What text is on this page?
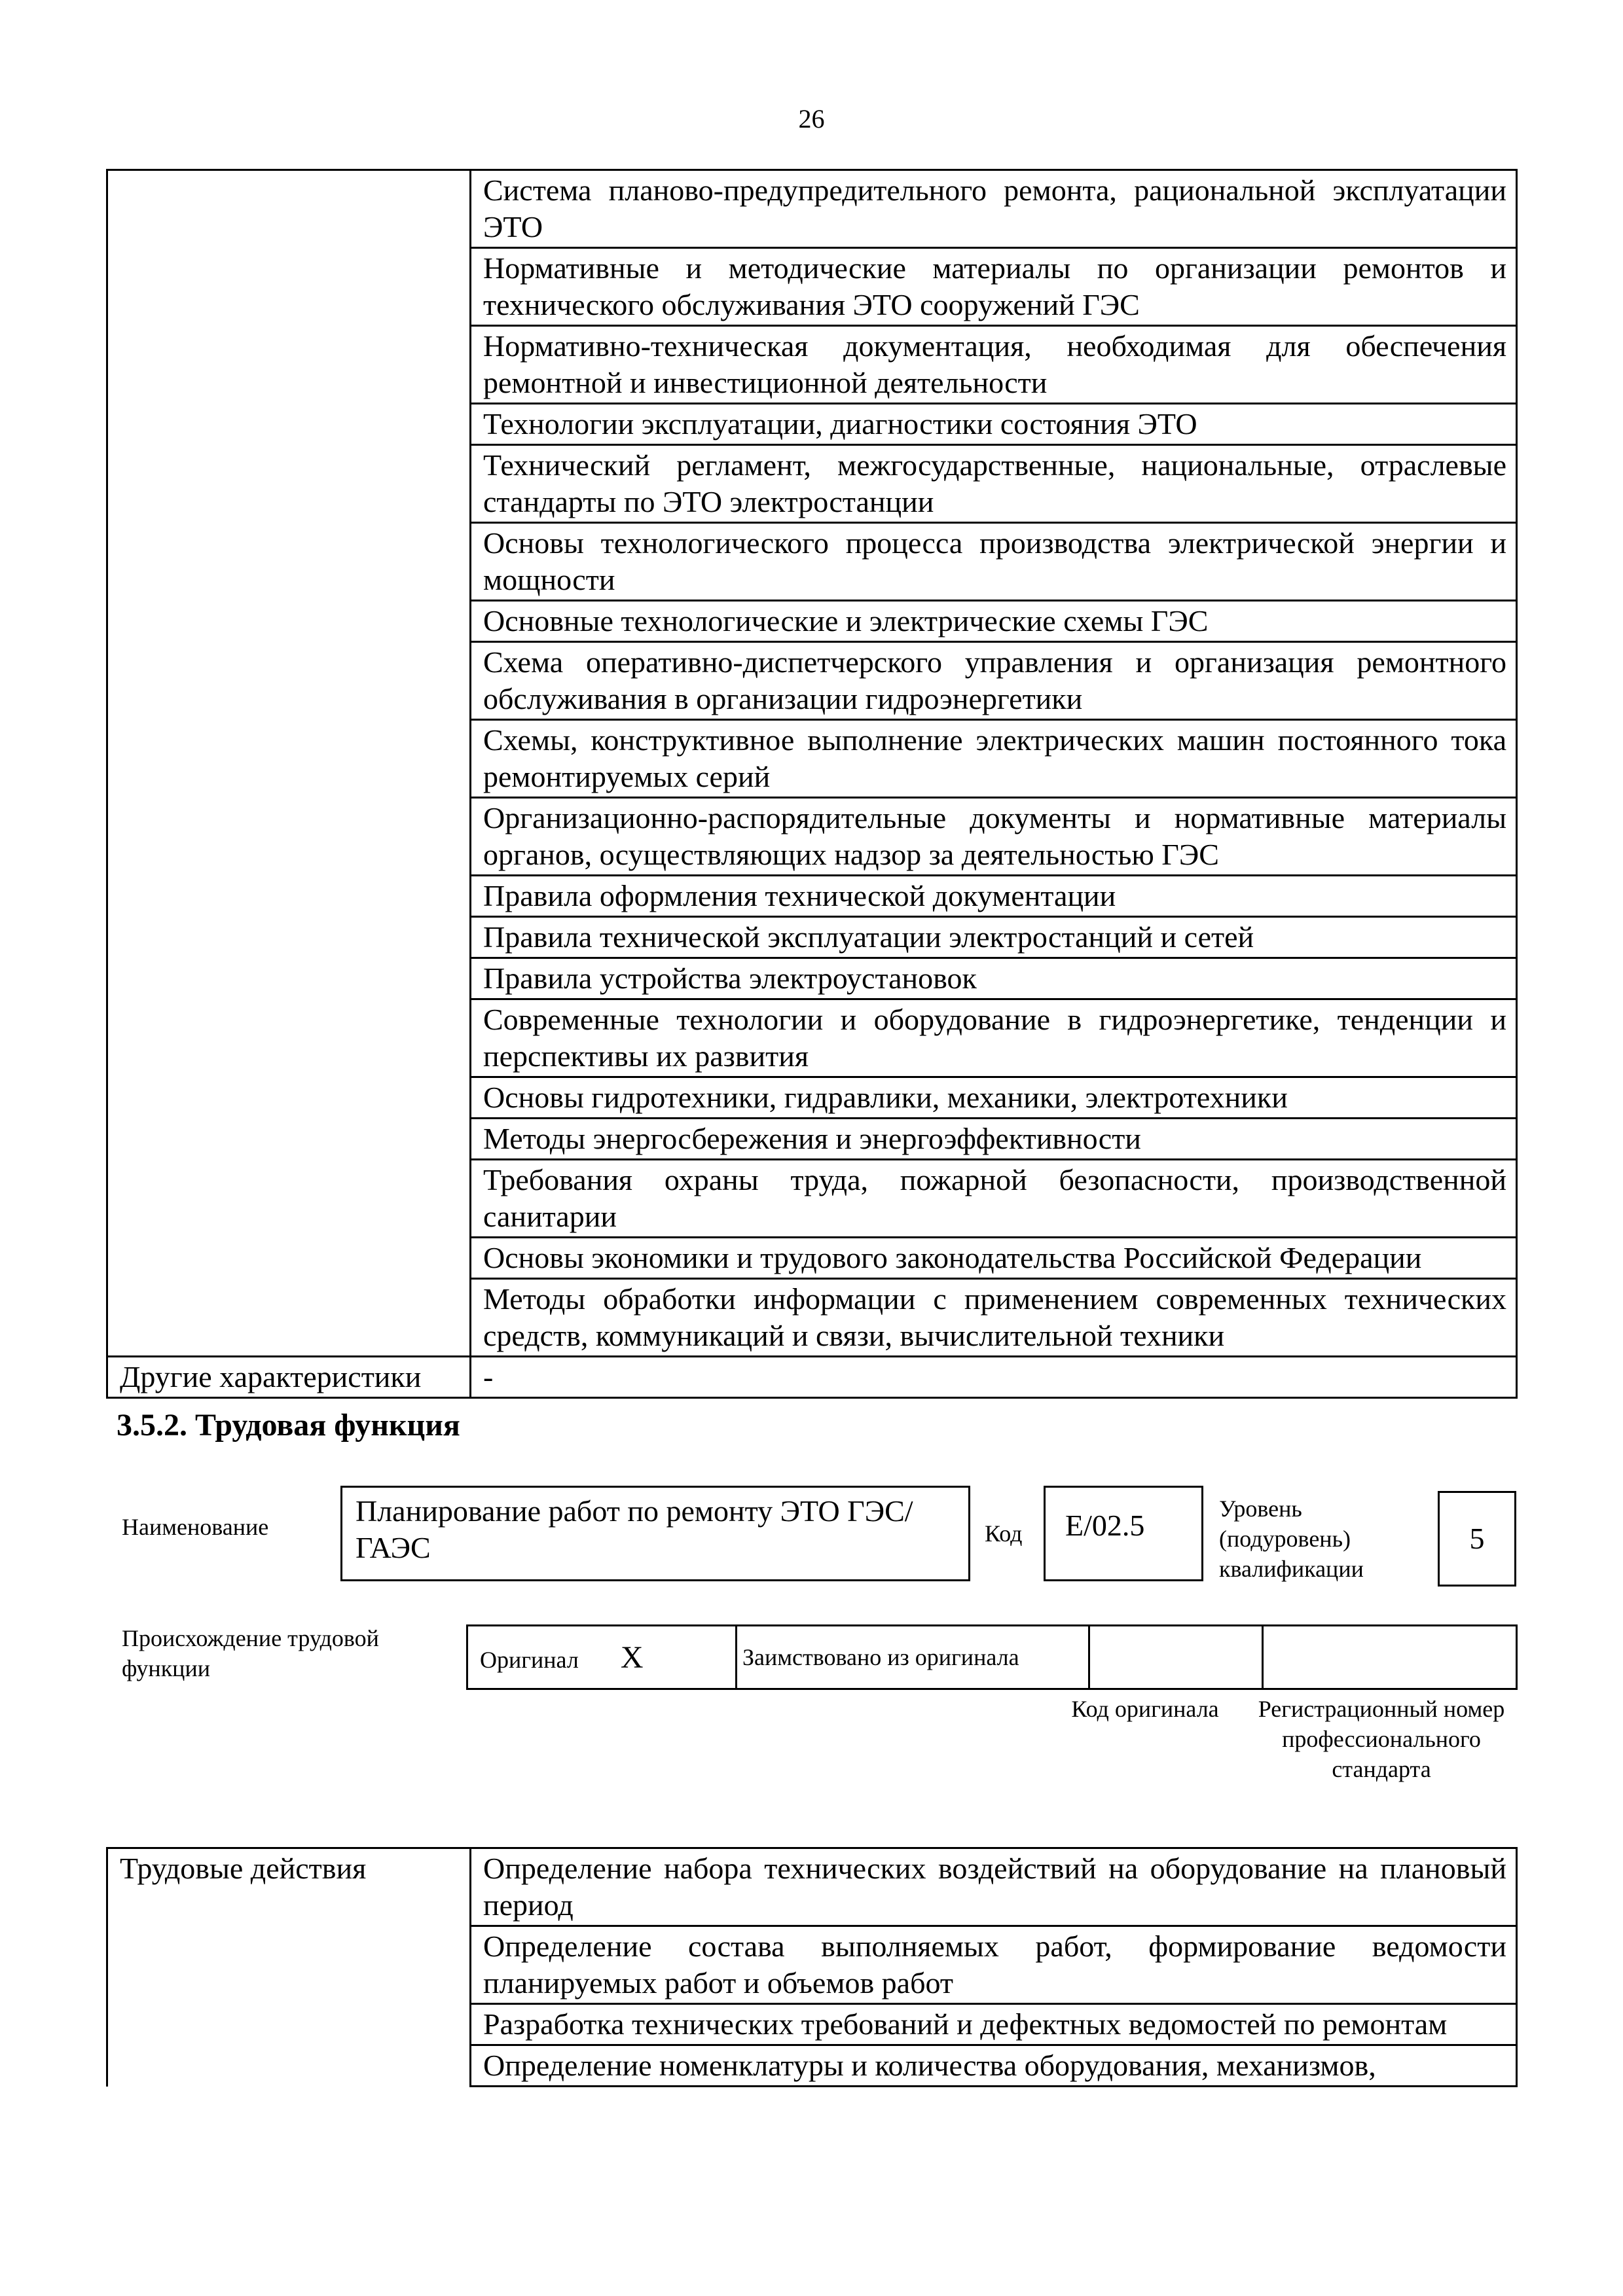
26
	Система планово-предупредительного ремонта, рациональной эксплуатации ЭТО
	Нормативные и методические материалы по организации ремонтов и технического обслуживания ЭТО сооружений ГЭС
	Нормативно-техническая документация, необходимая для обеспечения ремонтной и инвестиционной деятельности
	Технологии эксплуатации, диагностики состояния ЭТО
	Технический регламент, межгосударственные, национальные, отраслевые стандарты по ЭТО электростанции
	Основы технологического процесса производства электрической энергии и мощности
	Основные технологические и электрические схемы ГЭС
	Схема оперативно-диспетчерского управления и организация ремонтного обслуживания в организации гидроэнергетики
	Схемы, конструктивное выполнение электрических машин постоянного тока ремонтируемых серий
	Организационно-распорядительные документы и нормативные материалы органов, осуществляющих надзор за деятельностью ГЭС
	Правила оформления технической документации
	Правила технической эксплуатации электростанций и сетей
	Правила устройства электроустановок
	Современные технологии и оборудование в гидроэнергетике, тенденции и перспективы их развития
	Основы гидротехники, гидравлики, механики, электротехники
	Методы энергосбережения и энергоэффективности
	Требования охраны труда, пожарной безопасности, производственной санитарии
	Основы экономики и трудового законодательства Российской Федерации
	Методы обработки информации с применением современных технических средств, коммуникаций и связи, вычислительной техники
Другие характеристики	-
3.5.2. Трудовая функция
Наименование	Планирование работ по ремонту ЭТО ГЭС/ГАЭС	Код	E/02.5	Уровень (подуровень) квалификации
5
Происхождение трудовой функции	Оригинал X	Заимствовано из оригинала

Код оригинала	Регистрационный номер профессионального стандарта
Трудовые действия	Определение набора технических воздействий на оборудование на плановый период
	Определение состава выполняемых работ, формирование ведомости планируемых работ и объемов работ
	Разработка технических требований и дефектных ведомостей по ремонтам
	Определение номенклатуры и количества оборудования, механизмов,
